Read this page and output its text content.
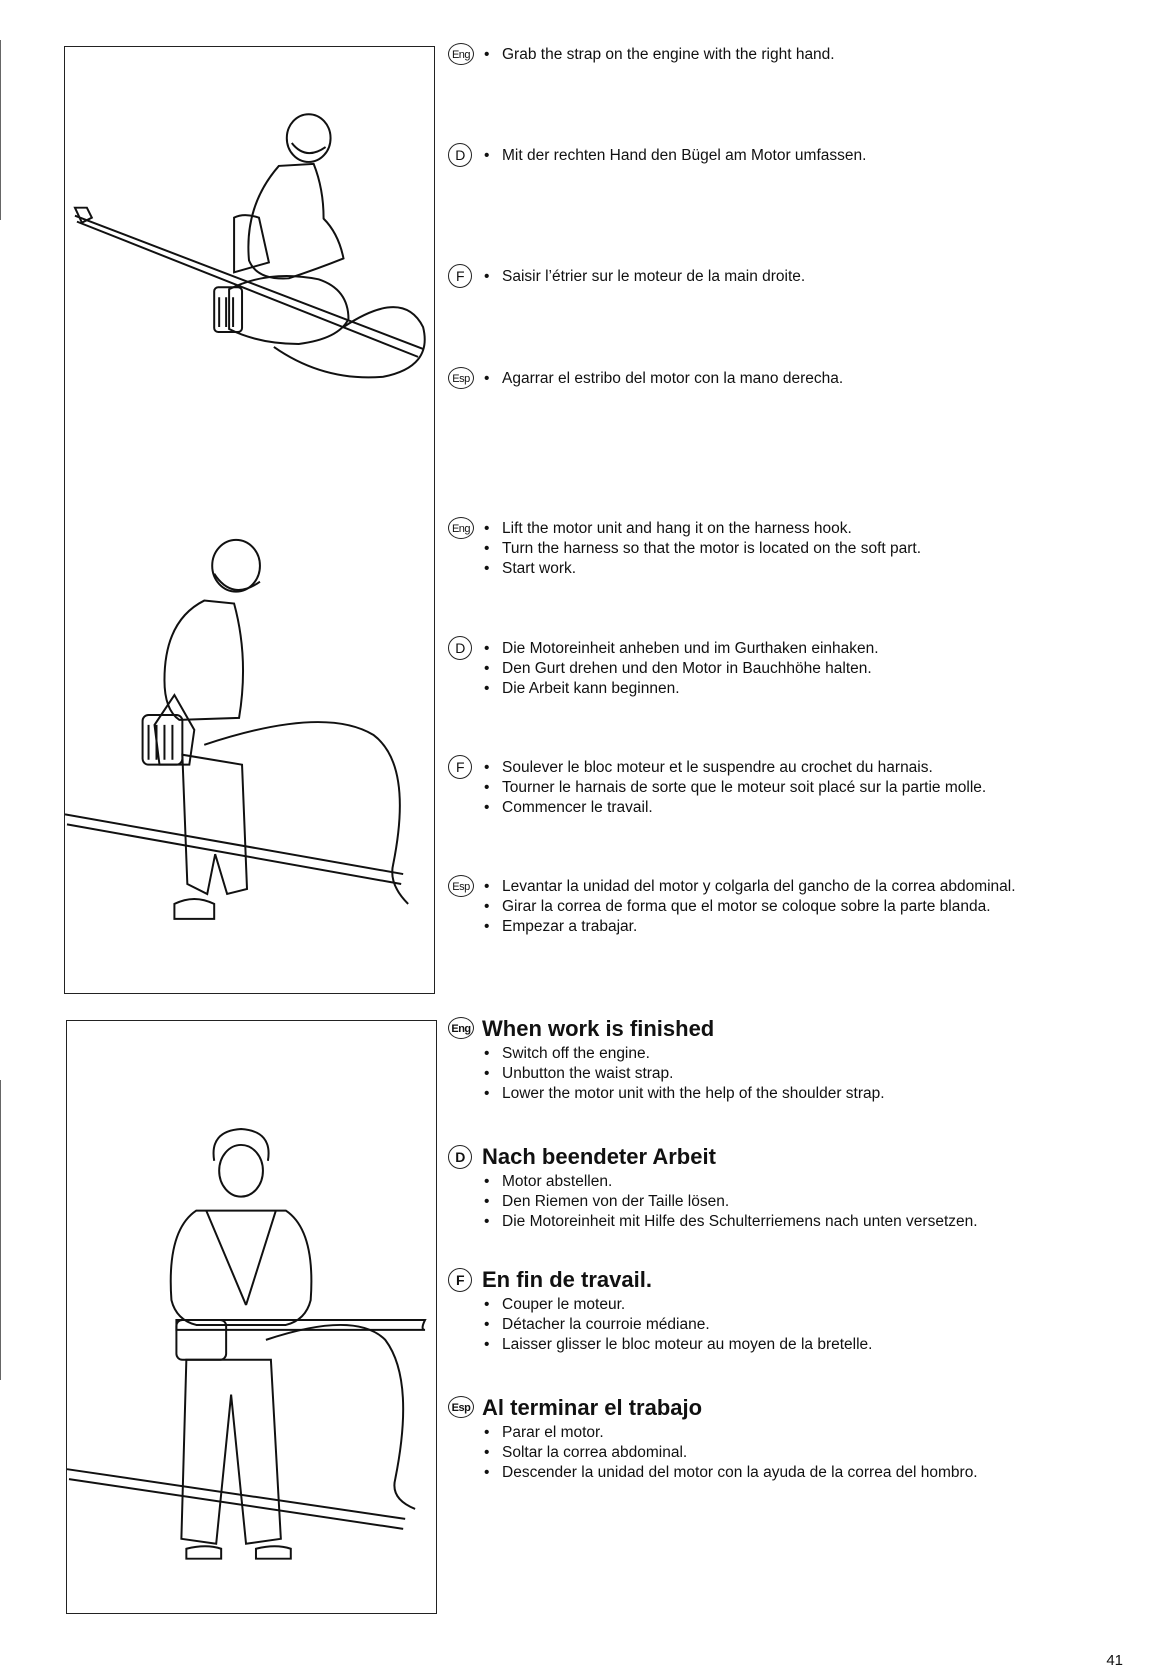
Eng • Grab the strap on the engine with the right hand.
D	• Mit der rechten Hand den Bügel am Motor umfassen.
F	• Saisir l’étrier sur le moteur de la main droite.
Esp • Agarrar el estribo del motor con la mano derecha.
Eng • Lift the motor unit and hang it on the harness hook.
• Turn the harness so that the motor is located on the soft part.
• Start work.
D	• Die Motoreinheit anheben und im Gurthaken einhaken.
• Den Gurt drehen und den Motor in Bauchhöhe halten.
• Die Arbeit kann beginnen.
F	• Soulever le bloc moteur et le suspendre au crochet du harnais.
• Tourner le harnais de sorte que le moteur soit placé sur la partie molle.
• Commencer le travail.
Esp • Levantar la unidad del motor y colgarla del gancho de la correa abdominal.
• Girar la correa de forma que el motor se coloque sobre la parte blanda.
• Empezar a trabajar.
Eng When work is finished
• Switch off the engine.
• Unbutton the waist strap.
• Lower the motor unit with the help of the shoulder strap.
D Nach beendeter Arbeit
• Motor abstellen.
• Den Riemen von der Taille lösen.
• Die Motoreinheit mit Hilfe des Schulterriemens nach unten versetzen.
F En fin de travail.
• Couper le moteur.
• Détacher la courroie médiane.
• Laisser glisser le bloc moteur au moyen de la bretelle.
Esp Al terminar el trabajo
• Parar el motor.
• Soltar la correa abdominal.
• Descender la unidad del motor con la ayuda de la correa del hombro.
41
